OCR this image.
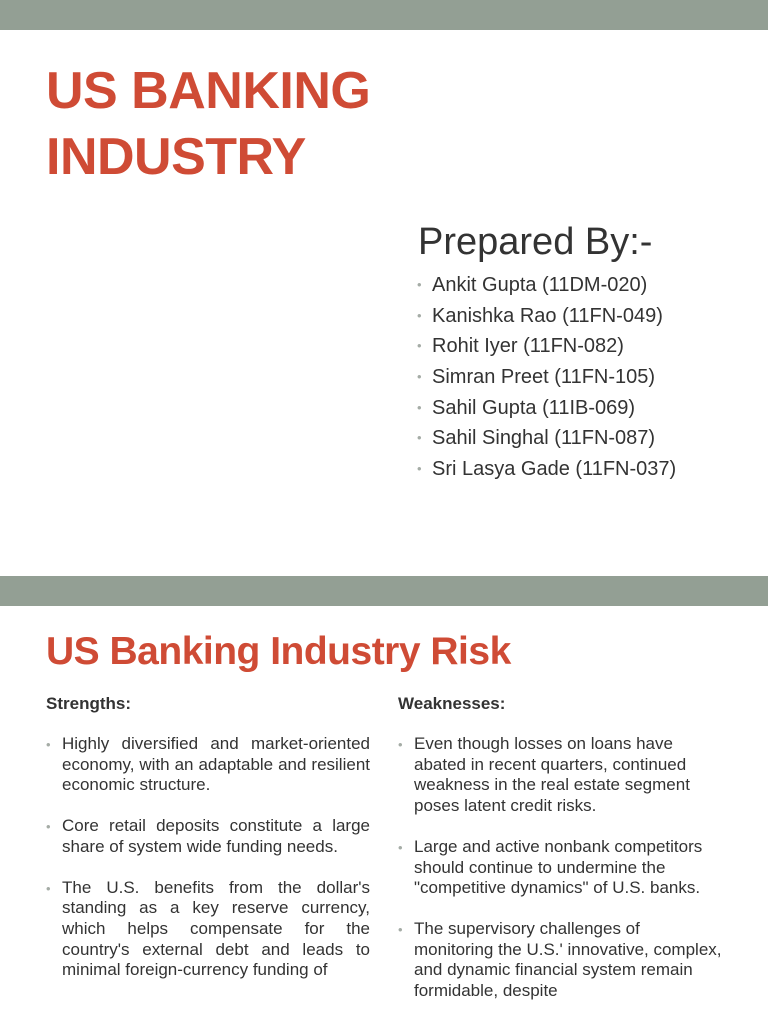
US BANKING INDUSTRY
Prepared By:-
• Ankit Gupta (11DM-020)
• Kanishka Rao (11FN-049)
• Rohit Iyer (11FN-082)
• Simran Preet (11FN-105)
• Sahil Gupta (11IB-069)
• Sahil Singhal (11FN-087)
• Sri Lasya Gade (11FN-037)
US Banking Industry Risk
Strengths:
• Highly diversified and market-oriented economy, with an adaptable and resilient economic structure.
• Core retail deposits constitute a large share of system wide funding needs.
• The U.S. benefits from the dollar's standing as a key reserve currency, which helps compensate for the country's external debt and leads to minimal foreign-currency funding of
Weaknesses:
• Even though losses on loans have abated in recent quarters, continued weakness in the real estate segment poses latent credit risks.
• Large and active nonbank competitors should continue to undermine the "competitive dynamics" of U.S. banks.
• The supervisory challenges of monitoring the U.S.' innovative, complex, and dynamic financial system remain formidable, despite
